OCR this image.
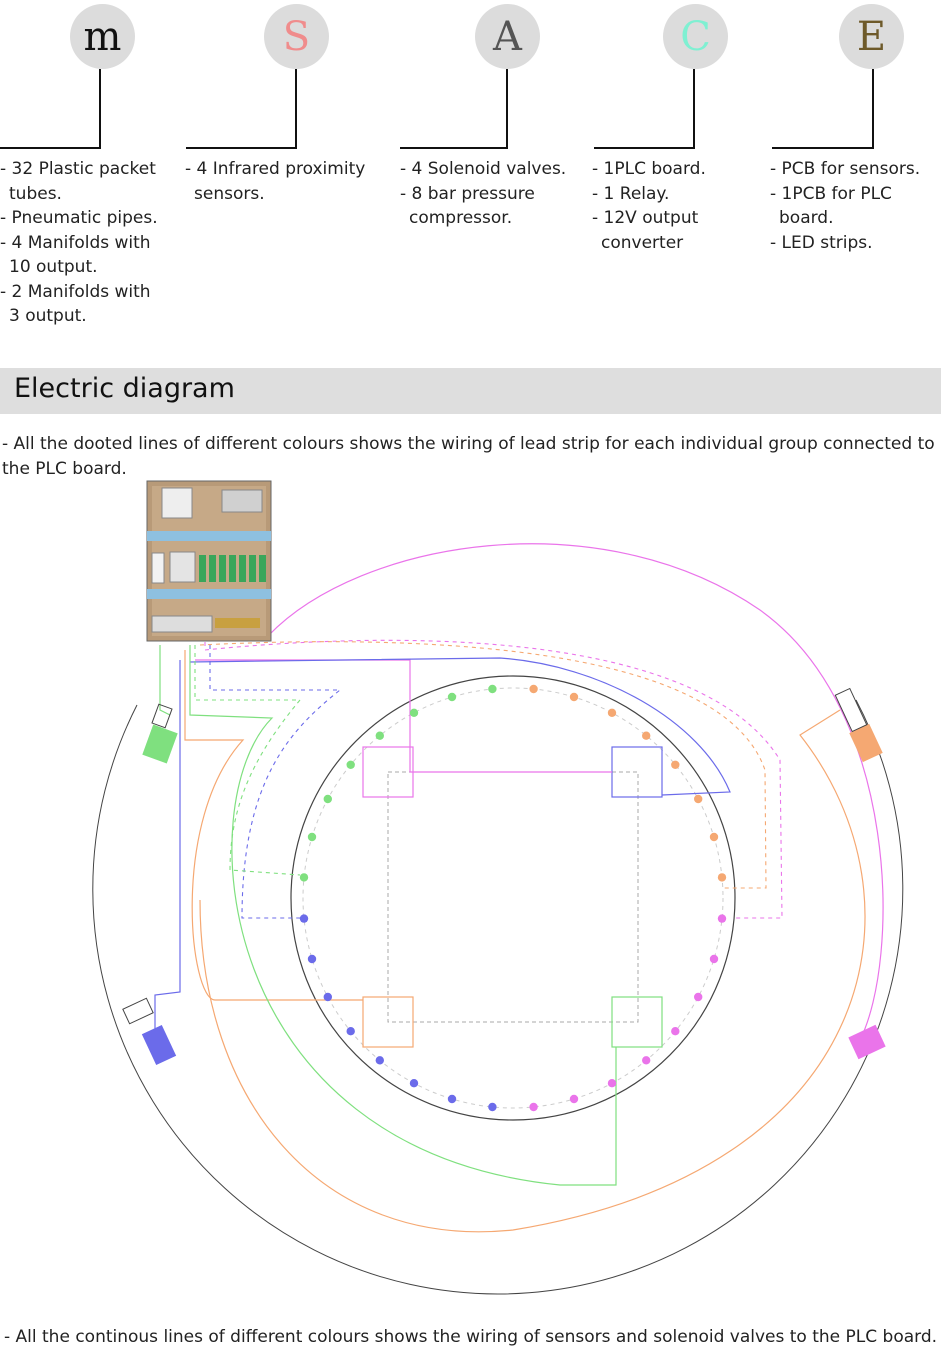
m	S	A	C	E
- 32 Plastic packet tubes.
- Pneumatic pipes.
- 4 Manifolds with 10 output.
- 2 Manifolds with 3 output.
- 4 Infrared proximity sensors.
- 4 Solenoid valves.
- 8 bar pressure compressor.
- 1PLC board.
- 1 Relay.
- 12V output converter
- PCB for sensors.
- 1PCB for PLC board.
- LED strips.
Electric diagram

- All the dooted lines of different colours shows the wiring of lead strip for each individual group connected to the PLC board.

- All the continous lines of different colours shows the wiring of sensors and solenoid valves to the PLC board.
